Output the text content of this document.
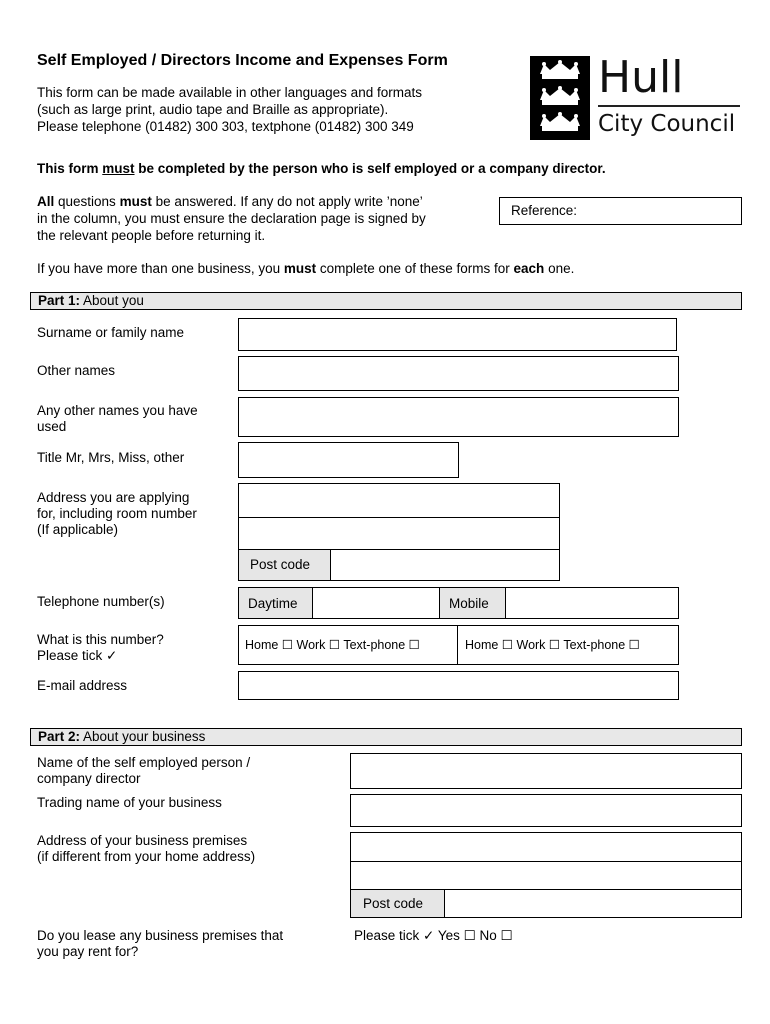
Self Employed / Directors Income and Expenses Form
This form can be made available in other languages and formats
(such as large print, audio tape and Braille as appropriate).
Please telephone (01482) 300 303, textphone (01482) 300 349
Hull
City Council
This form must be completed by the person who is self employed or a company director.
All questions must be answered. If any do not apply write ’none’
in the column, you must ensure the declaration page is signed by
the relevant people before returning it.
Reference:
If you have more than one business, you must complete one of these forms for each one.
Part 1: About you
Surname or family name
Other names
Any other names you have
used
Title Mr, Mrs, Miss, other
Address you are applying
for, including room number
(If applicable)
Post code
Telephone number(s)	Daytime	Mobile
What is this number?
Please tick ✓
Home ☐ Work ☐ Text-phone ☐	Home ☐ Work ☐ Text-phone ☐
E-mail address
Part 2: About your business
Name of the self employed person /
company director
Trading name of your business
Address of your business premises
(if different from your home address)
Post code
Do you lease any business premises that
you pay rent for?
Please tick ✓ Yes ☐ No ☐
